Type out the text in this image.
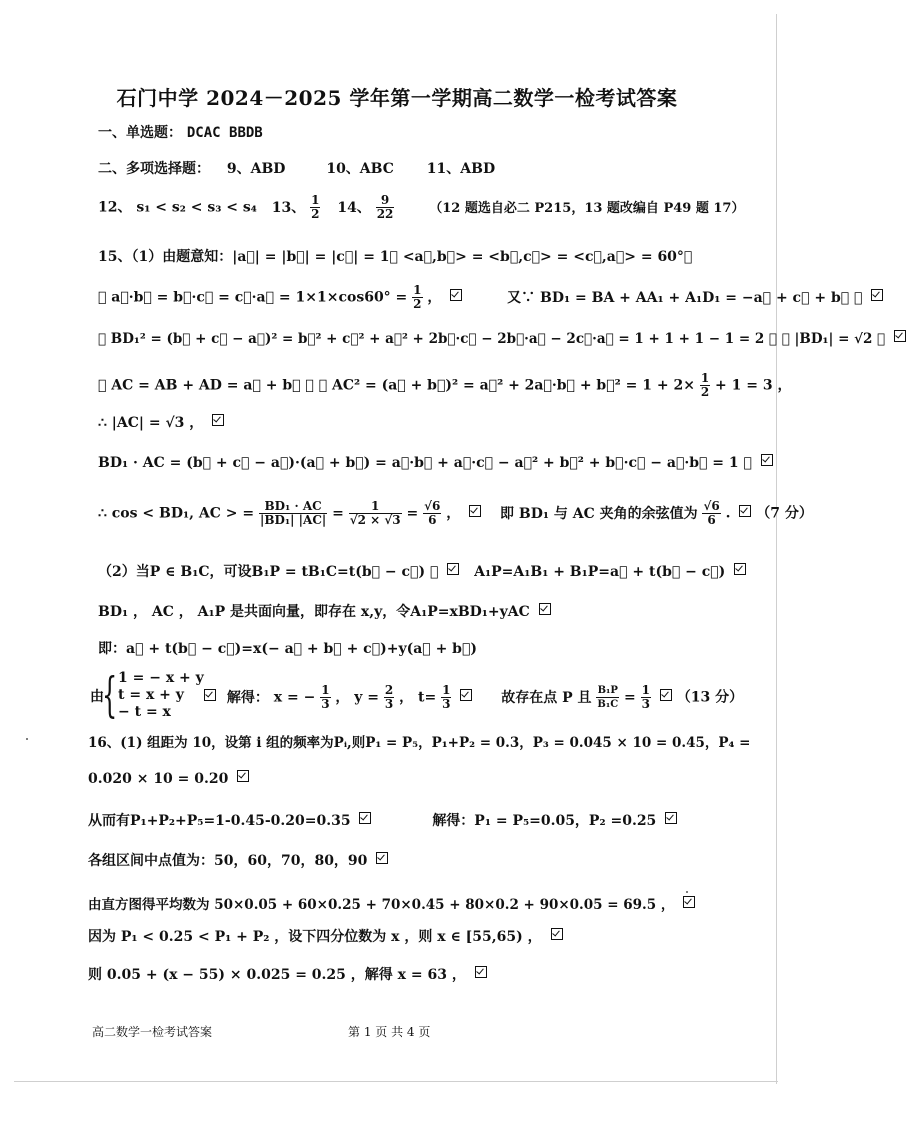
石门中学 2024－2025 学年第一学期高二数学一检考试答案
一、单选题： DCAC BBDB
二、多项选择题： 9、ABD	10、ABC 11、ABD
12、 s₁ < s₂ < s₃ < s₄ 13、 $\frac{1}{2} 14$、 $\frac{9}{22}$	（12 题选自必二 P215，13 题改编自 P49 题 17）
15、（1）由题意知：|a⃗| = |b⃗| = |c⃗| = 1， <a⃗,b⃗> = <b⃗,c⃗> = <c⃗,a⃗> = 60°，
∴ a⃗·b⃗ = b⃗·c⃗ = c⃗·a⃗ = $1\times 1\times\cos 60^\circ = \frac{1}{2}$ ，	又∵ BD₁ = BA + AA₁ + A₁D₁ = −a⃗ + c⃗ + b⃗ ，
∴ BD₁² = (b⃗ + c⃗ − a⃗)² = b⃗² + c⃗² + a⃗² + 2b⃗·c⃗ − 2b⃗·a⃗ − 2c⃗·a⃗ = 1 + 1 + 1 − 1 = 2 ， ∴ |BD₁| = √2 ，
∵ AC = AB + AD = a⃗ + b⃗ ， ∴ AC² = (a⃗ + b⃗)² = a⃗² + 2a⃗·b⃗ + b⃗² = $1 + 2\times \frac{1}{2} + 1 = 3$ ，
∴ |AC| = √3 ，
BD₁ · AC = (b⃗ + c⃗ − a⃗)·(a⃗ + b⃗) = a⃗·b⃗ + a⃗·c⃗ − a⃗² + b⃗² + b⃗·c⃗ − a⃗·b⃗ = 1 ，
∴ cos < BD₁, AC > = $\frac{\text{BD₁ · AC}}{\text{|BD₁| |AC|}} = \frac{1}{√2 \times √3} = \frac{√6}{6}$ ，	即 BD₁ 与 AC 夹角的余弦值为 $\frac{√6}{6}$ . （7 分）
（2）当P ∈ B₁C，可设B₁P = tB₁C=t(b⃗ − c⃗) ，	A₁P=A₁B₁ + B₁P=a⃗ + t(b⃗ − c⃗)
BD₁ ， AC ， A₁P 是共面向量，即存在 x,y，令A₁P=xBD₁+yAC
即：a⃗ + t(b⃗ − c⃗)=x(− a⃗ + b⃗ + c⃗)+y(a⃗ + b⃗)
由
{ 1 = − x + y
t = x + y
− t = x
解得： x = − $\frac{1}{3}$ ， $y = \frac{2}{3}$ ， $t= \frac{1}{3}$	故存在点 P 且 $\frac{\text{B₁P}}{\text{B₁C}} = \frac{1}{3} (13$ 分）
16、(1) 组距为 10，设第 i 组的频率为Pᵢ,则P₁ = P₅，P₁+P₂ = 0.3，P₃ = 0.045 × 10 = 0.45，P₄ =
0.020 × 10 = 0.20
从而有P₁+P₂+P₅=1-0.45-0.20=0.35	解得：P₁ = P₅=0.05，P₂ =0.25
各组区间中点值为：50，60，70，80，90
由直方图得平均数为 50×0.05 + 60×0.25 + 70×0.45 + 80×0.2 + 90×0.05 = 69.5 ，
因为 P₁ < 0.25 < P₁ + P₂ ，设下四分位数为 x ，则 x ∈ [55,65) ，
则 0.05 + (x − 55) × 0.025 = 0.25 ，解得 x = 63 ，
高二数学一检考试答案	第 1 页 共 4 页
